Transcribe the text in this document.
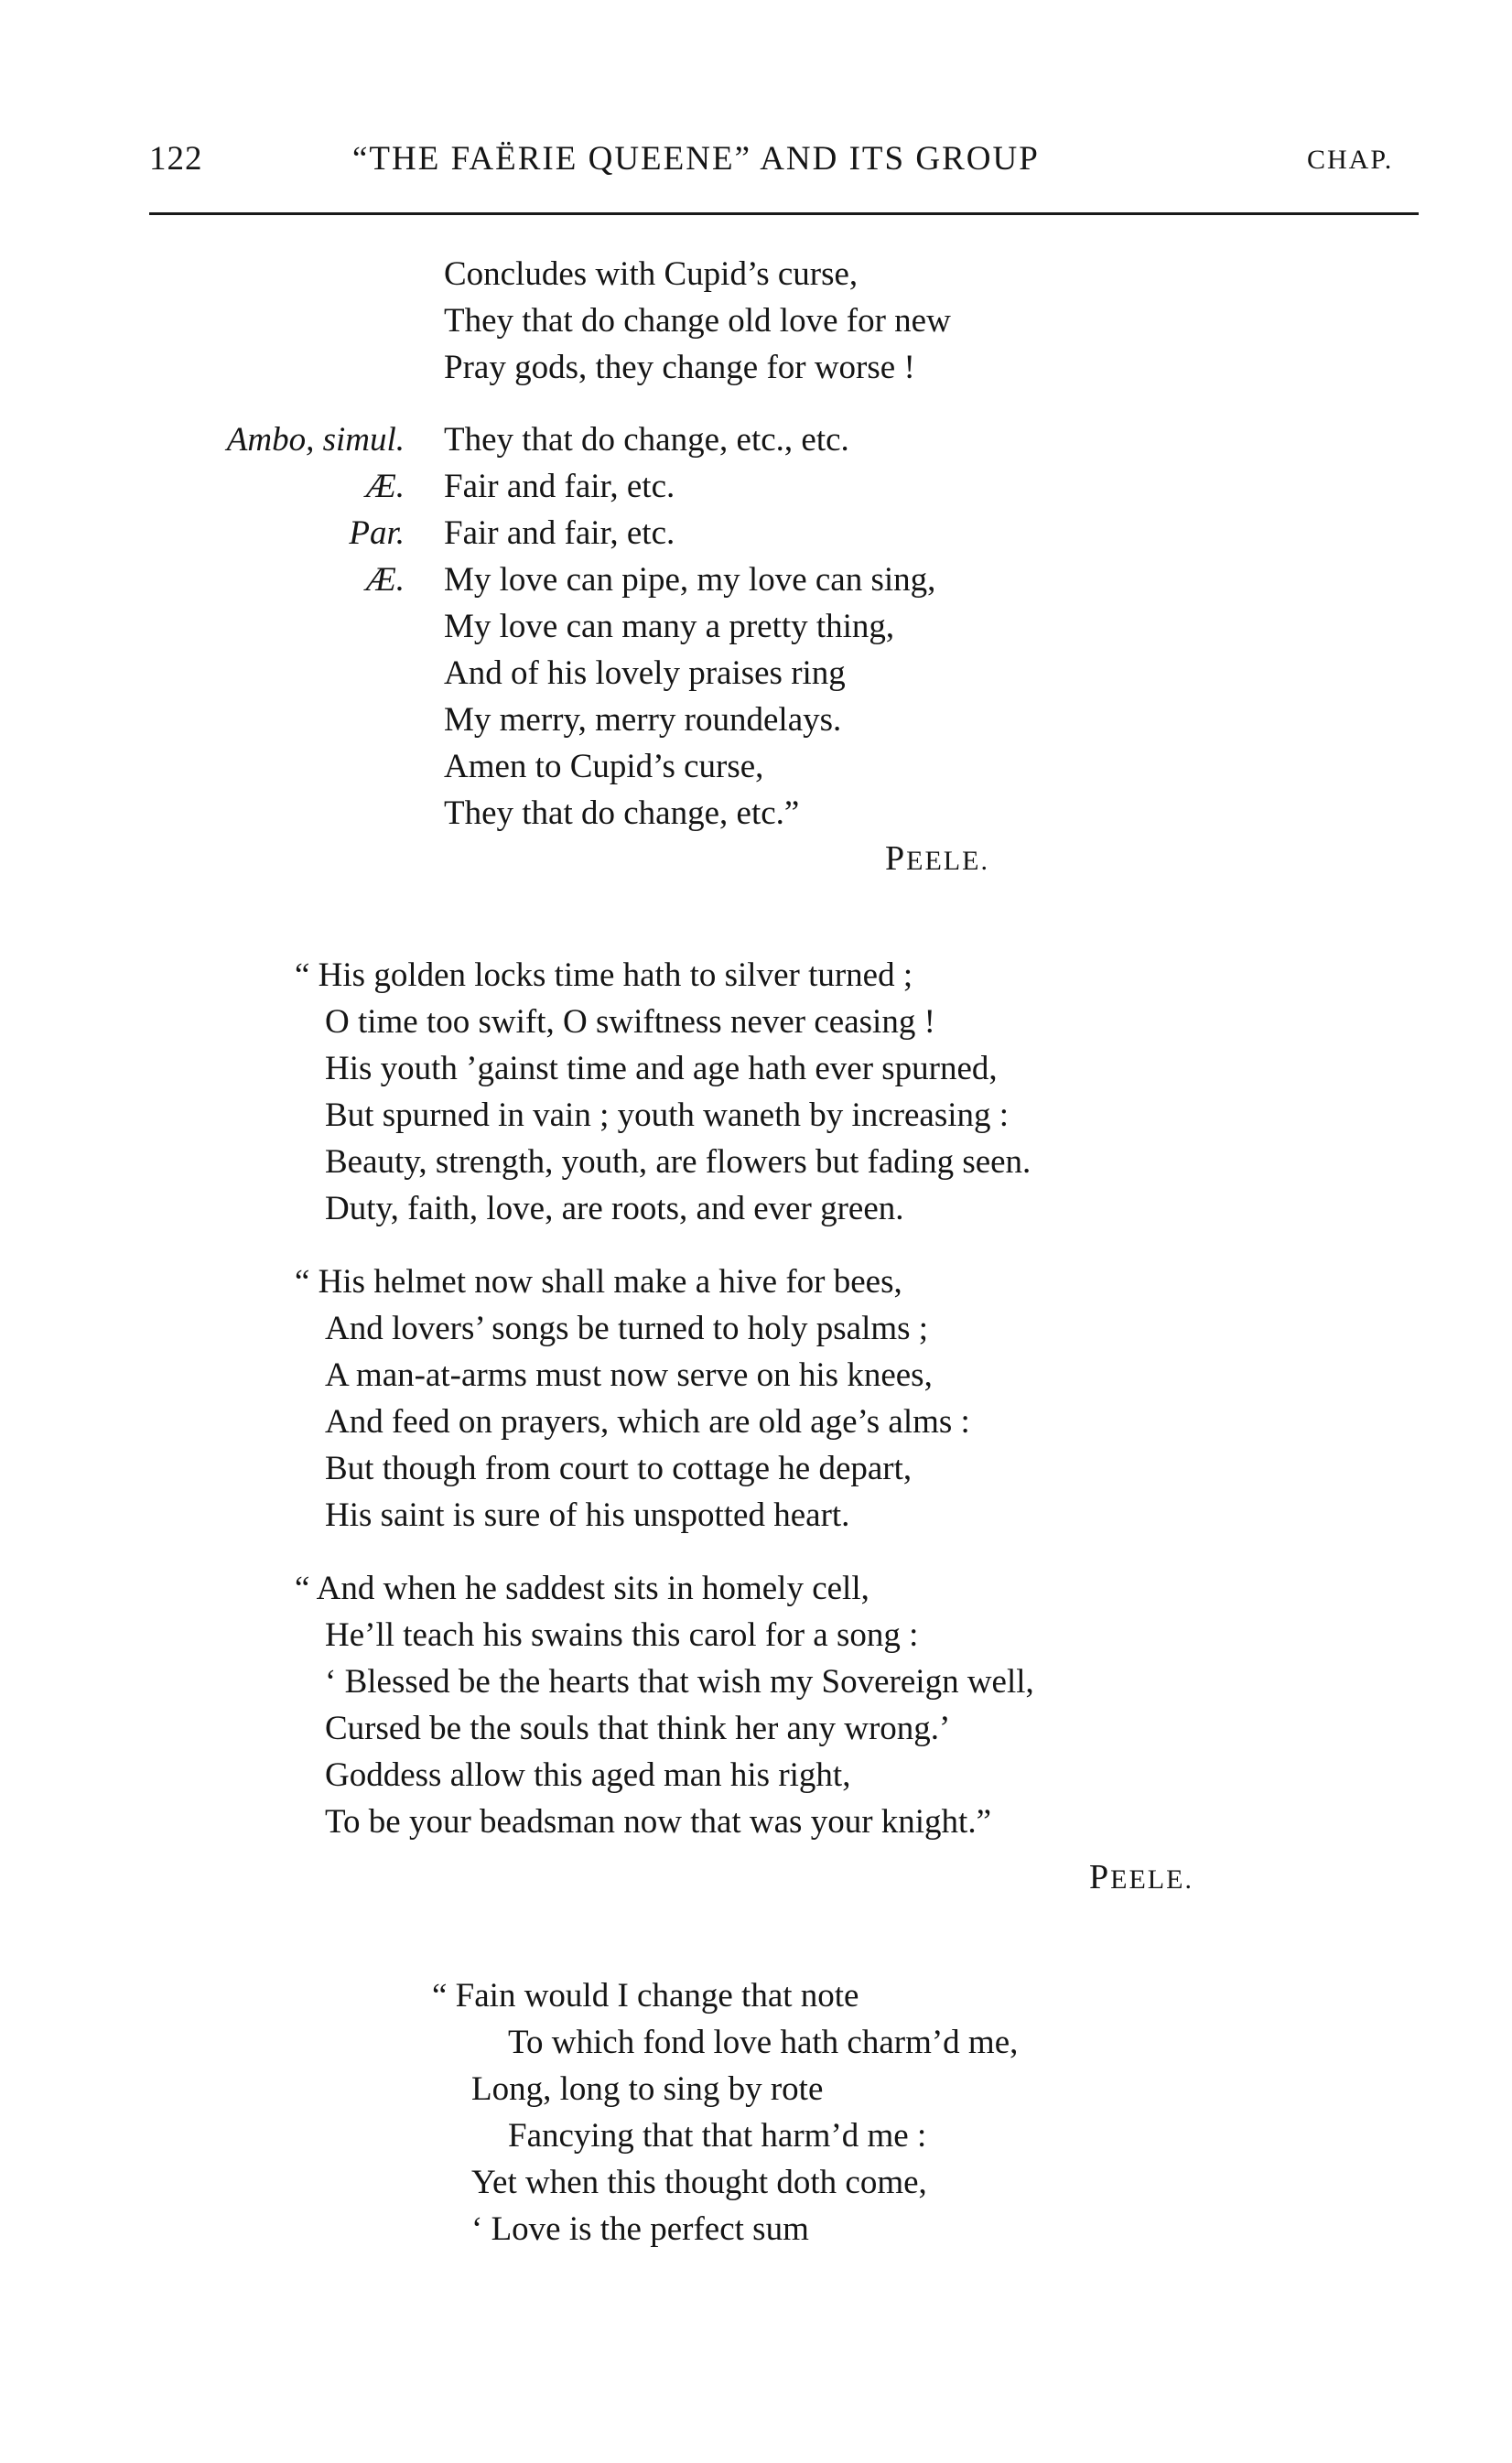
122	“THE FAËRIE QUEENE” AND ITS GROUP	CHAP.
Concludes with Cupid’s curse,
They that do change old love for new
Pray gods, they change for worse !
Ambo, simul. They that do change, etc., etc.
Æ. Fair and fair, etc.
Par. Fair and fair, etc.
Æ. My love can pipe, my love can sing,
My love can many a pretty thing,
And of his lovely praises ring
My merry, merry roundelays.
Amen to Cupid’s curse,
They that do change, etc.”
PEELE.
“ His golden locks time hath to silver turned ;
O time too swift, O swiftness never ceasing !
His youth ’gainst time and age hath ever spurned,
But spurned in vain ; youth waneth by increasing :
Beauty, strength, youth, are flowers but fading seen.
Duty, faith, love, are roots, and ever green.
“ His helmet now shall make a hive for bees,
And lovers’ songs be turned to holy psalms ;
A man-at-arms must now serve on his knees,
And feed on prayers, which are old age’s alms :
But though from court to cottage he depart,
His saint is sure of his unspotted heart.
“ And when he saddest sits in homely cell,
He’ll teach his swains this carol for a song :
‘ Blessed be the hearts that wish my Sovereign well,
Cursed be the souls that think her any wrong.’
Goddess allow this aged man his right,
To be your beadsman now that was your knight.”
PEELE.
“ Fain would I change that note
To which fond love hath charm’d me,
Long, long to sing by rote
Fancying that that harm’d me :
Yet when this thought doth come,
‘ Love is the perfect sum
